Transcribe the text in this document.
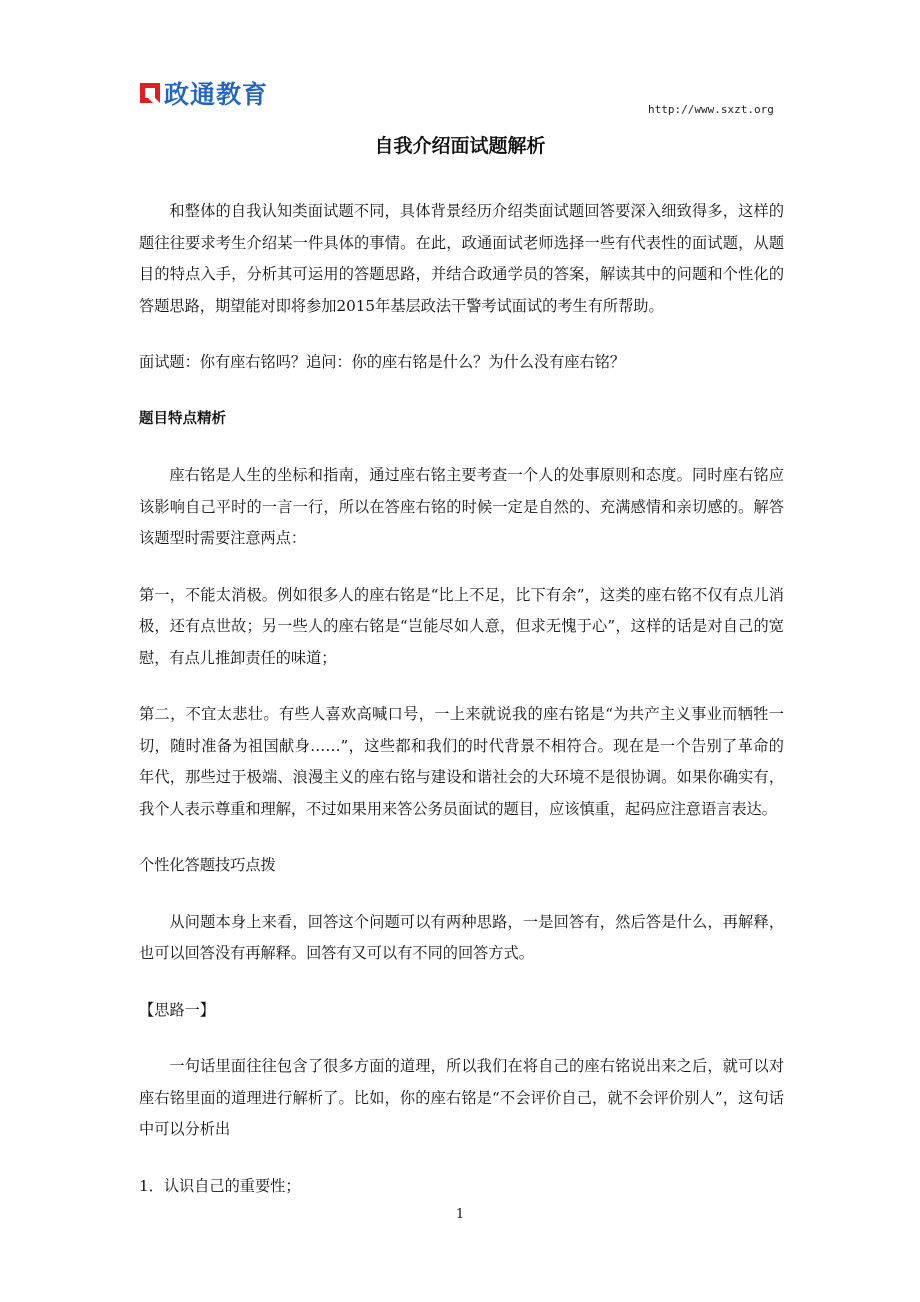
政通教育
http://www.sxzt.org
自我介绍面试题解析

和整体的自我认知类面试题不同，具体背景经历介绍类面试题回答要深入细致得多，这样的题往往要求考生介绍某一件具体的事情。在此，政通面试老师选择一些有代表性的面试题，从题目的特点入手，分析其可运用的答题思路，并结合政通学员的答案，解读其中的问题和个性化的答题思路，期望能对即将参加2015年基层政法干警考试面试的考生有所帮助。

面试题：你有座右铭吗？追问：你的座右铭是什么？为什么没有座右铭？

题目特点精析

座右铭是人生的坐标和指南，通过座右铭主要考查一个人的处事原则和态度。同时座右铭应该影响自己平时的一言一行，所以在答座右铭的时候一定是自然的、充满感情和亲切感的。解答该题型时需要注意两点：

第一，不能太消极。例如很多人的座右铭是“比上不足，比下有余”，这类的座右铭不仅有点儿消极，还有点世故；另一些人的座右铭是“岂能尽如人意，但求无愧于心”，这样的话是对自己的宽慰，有点儿推卸责任的味道；

第二，不宜太悲壮。有些人喜欢高喊口号，一上来就说我的座右铭是“为共产主义事业而牺牲一切，随时准备为祖国献身……”，这些都和我们的时代背景不相符合。现在是一个告别了革命的年代，那些过于极端、浪漫主义的座右铭与建设和谐社会的大环境不是很协调。如果你确实有，我个人表示尊重和理解，不过如果用来答公务员面试的题目，应该慎重，起码应注意语言表达。

个性化答题技巧点拨

从问题本身上来看，回答这个问题可以有两种思路，一是回答有，然后答是什么，再解释，也可以回答没有再解释。回答有又可以有不同的回答方式。

【思路一】

一句话里面往往包含了很多方面的道理，所以我们在将自己的座右铭说出来之后，就可以对座右铭里面的道理进行解析了。比如，你的座右铭是“不会评价自己，就不会评价别人”，这句话中可以分析出

1．认识自己的重要性；

1
